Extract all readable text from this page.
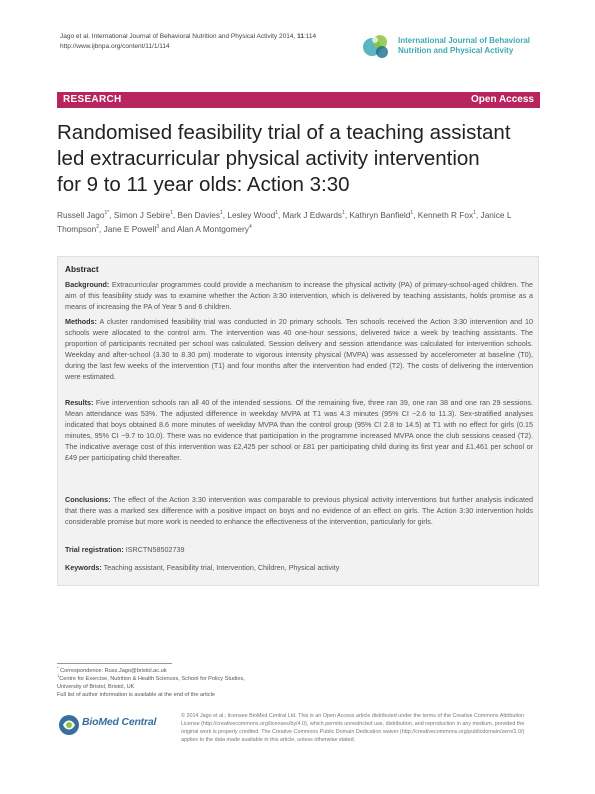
Jago et al. International Journal of Behavioral Nutrition and Physical Activity 2014, 11:114
http://www.ijbnpa.org/content/11/1/114
International Journal of Behavioral
Nutrition and Physical Activity
RESEARCH	Open Access
Randomised feasibility trial of a teaching assistant
led extracurricular physical activity intervention
for 9 to 11 year olds: Action 3:30
Russell Jago$^{1*}$, Simon J Sebire$^1$, Ben Davies$^1$, Lesley Wood$^1$, Mark J Edwards$^1$, Kathryn Banfield$^1$, Kenneth R Fox$^1$, Janice L Thompson$^2$, Jane E Powell$^3$ and Alan A Montgomery$^4$
Abstract
Background: Extracurricular programmes could provide a mechanism to increase the physical activity (PA) of primary-school-aged children. The aim of this feasibility study was to examine whether the Action 3:30 intervention, which is delivered by teaching assistants, holds promise as a means of increasing the PA of Year 5 and 6 children.
Methods: A cluster randomised feasibility trial was conducted in 20 primary schools. Ten schools received the Action 3:30 intervention and 10 schools were allocated to the control arm. The intervention was 40 one-hour sessions, delivered twice a week by teaching assistants. The proportion of participants recruited per school was calculated. Session delivery and session attendance was calculated for intervention schools. Weekday and after-school (3.30 to 8.30 pm) moderate to vigorous intensity physical (MVPA) was assessed by accelerometer at baseline (T0), during the last few weeks of the intervention (T1) and four months after the intervention had ended (T2). The costs of delivering the intervention were estimated.
Results: Five intervention schools ran all 40 of the intended sessions. Of the remaining five, three ran 39, one ran 38 and one ran 29 sessions. Mean attendance was 53%. The adjusted difference in weekday MVPA at T1 was 4.3 minutes (95% CI −2.6 to 11.3). Sex-stratified analyses indicated that boys obtained 8.6 more minutes of weekday MVPA than the control group (95% CI 2.8 to 14.5) at T1 with no effect for girls (0.15 minutes, 95% CI −9.7 to 10.0). There was no evidence that participation in the programme increased MVPA once the club sessions ceased (T2). The indicative average cost of this intervention was £2,425 per school or £81 per participating child during its first year and £1,461 per school or £49 per participating child thereafter.
Conclusions: The effect of the Action 3:30 intervention was comparable to previous physical activity interventions but further analysis indicated that there was a marked sex difference with a positive impact on boys and no evidence of an effect on girls. The Action 3:30 intervention holds considerable promise but more work is needed to enhance the effectiveness of the intervention, particularly for girls.
Trial registration: ISRCTN58502739
Keywords: Teaching assistant, Feasibility trial, Intervention, Children, Physical activity
* Correspondence: Russ.Jago@bristol.ac.uk
$^1$Centre for Exercise, Nutrition & Health Sciences, School for Policy Studies,
University of Bristol, Bristol, UK
Full list of author information is available at the end of the article
BioMed Central	© 2014 Jago et al.; licensee BioMed Central Ltd. This is an Open Access article distributed under the terms of the Creative Commons Attribution License (http://creativecommons.org/licenses/by/4.0), which permits unrestricted use, distribution, and reproduction in any medium, provided the original work is properly credited. The Creative Commons Public Domain Dedication waiver (http://creativecommons.org/publicdomain/zero/1.0/) applies to the data made available in this article, unless otherwise stated.
